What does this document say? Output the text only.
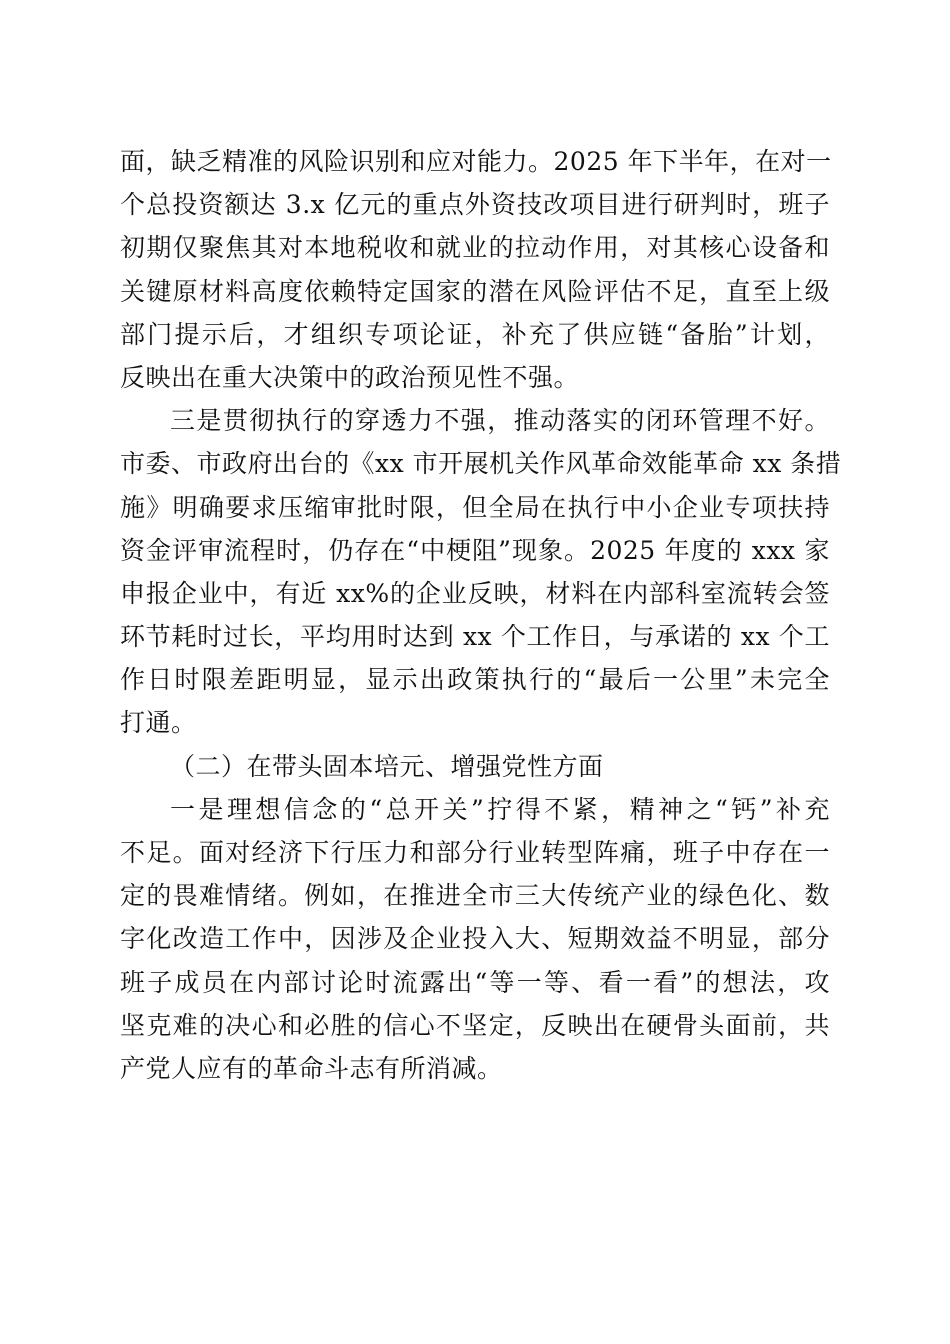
面，缺乏精准的风险识别和应对能力。2025 年下半年，在对一
个总投资额达 3.x 亿元的重点外资技改项目进行研判时，班子
初期仅聚焦其对本地税收和就业的拉动作用，对其核心设备和
关键原材料高度依赖特定国家的潜在风险评估不足，直至上级
部门提示后，才组织专项论证，补充了供应链“备胎”计划，
反映出在重大决策中的政治预见性不强。
三是贯彻执行的穿透力不强，推动落实的闭环管理不好。
市委、市政府出台的《xx 市开展机关作风革命效能革命 xx 条措
施》明确要求压缩审批时限，但全局在执行中小企业专项扶持
资金评审流程时，仍存在“中梗阻”现象。2025 年度的 xxx 家
申报企业中，有近 xx%的企业反映，材料在内部科室流转会签
环节耗时过长，平均用时达到 xx 个工作日，与承诺的 xx 个工
作日时限差距明显，显示出政策执行的“最后一公里”未完全
打通。
（二）在带头固本培元、增强党性方面
一是理想信念的“总开关”拧得不紧，精神之“钙”补充
不足。面对经济下行压力和部分行业转型阵痛，班子中存在一
定的畏难情绪。例如，在推进全市三大传统产业的绿色化、数
字化改造工作中，因涉及企业投入大、短期效益不明显，部分
班子成员在内部讨论时流露出“等一等、看一看”的想法，攻
坚克难的决心和必胜的信心不坚定，反映出在硬骨头面前，共
产党人应有的革命斗志有所消减。
